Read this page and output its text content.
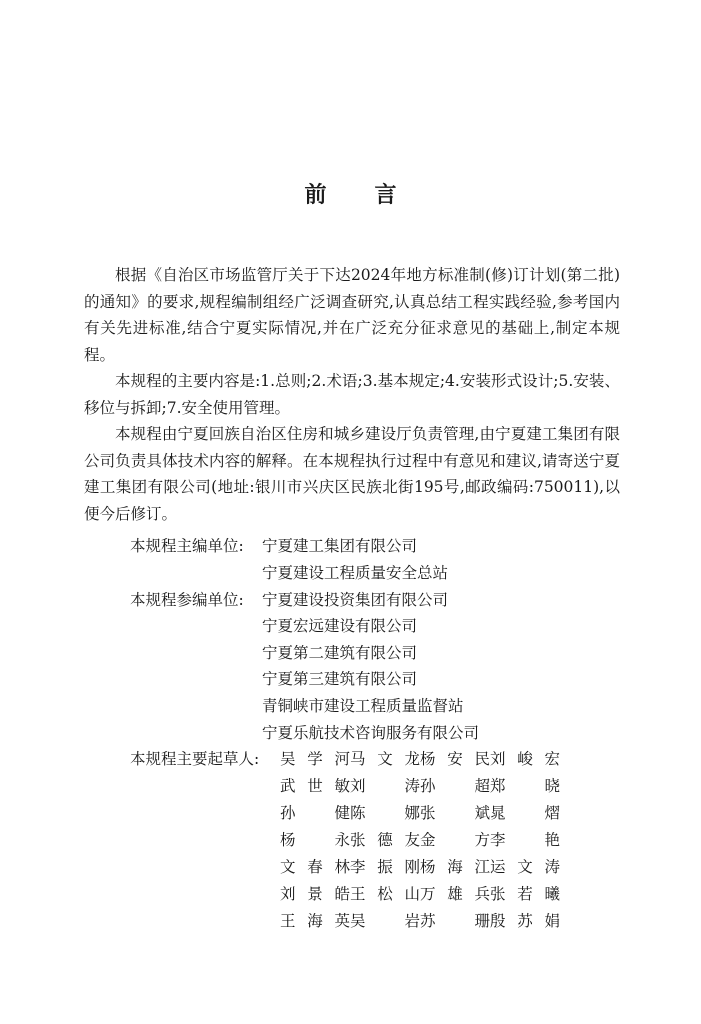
前 言

根据《自治区市场监管厅关于下达2024年地方标准制(修)订计划(第二批)的通知》的要求,规程编制组经广泛调查研究,认真总结工程实践经验,参考国内有关先进标准,结合宁夏实际情况,并在广泛充分征求意见的基础上,制定本规程。

本规程的主要内容是:1.总则;2.术语;3.基本规定;4.安装形式设计;5.安装、移位与拆卸;7.安全使用管理。

本规程由宁夏回族自治区住房和城乡建设厅负责管理,由宁夏建工集团有限公司负责具体技术内容的解释。在本规程执行过程中有意见和建议,请寄送宁夏建工集团有限公司(地址:银川市兴庆区民族北街195号,邮政编码:750011),以便今后修订。

本规程主编单位: 宁夏建工集团有限公司
宁夏建设工程质量安全总站
本规程参编单位: 宁夏建设投资集团有限公司
宁夏宏远建设有限公司
宁夏第二建筑有限公司
宁夏第三建筑有限公司
青铜峡市建设工程质量监督站
宁夏乐航技术咨询服务有限公司
本规程主要起草人: 吴学河 马文龙 杨安民 刘峻宏
武世敏 刘　涛 孙　超 郑　晓
孙　健 陈　娜 张　斌 晁　熠
杨　永 张德友 金　方 李　艳
文春林 李振刚 杨海江 运文涛
刘景皓 王松山 万雄兵 张若曦
王海英 吴　岩 苏　珊 殷苏娟
